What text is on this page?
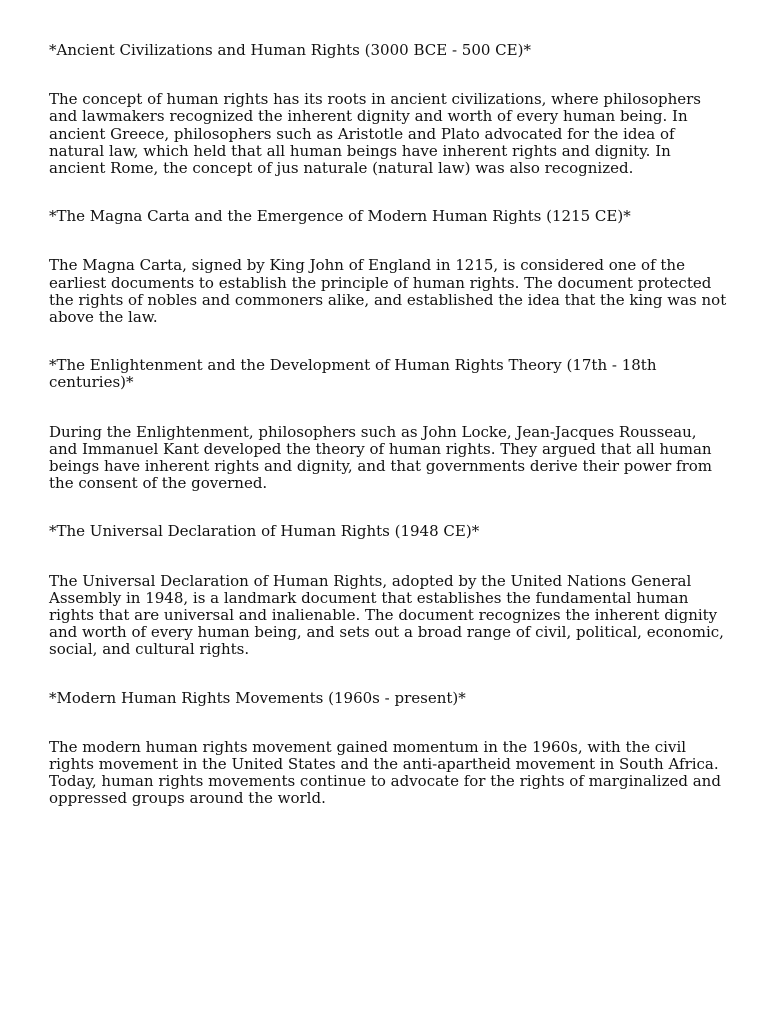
*Ancient Civilizations and Human Rights (3000 BCE - 500 CE)*

The concept of human rights has its roots in ancient civilizations, where philosophers and lawmakers recognized the inherent dignity and worth of every human being. In ancient Greece, philosophers such as Aristotle and Plato advocated for the idea of natural law, which held that all human beings have inherent rights and dignity. In ancient Rome, the concept of jus naturale (natural law) was also recognized.

*The Magna Carta and the Emergence of Modern Human Rights (1215 CE)*

The Magna Carta, signed by King John of England in 1215, is considered one of the earliest documents to establish the principle of human rights. The document protected the rights of nobles and commoners alike, and established the idea that the king was not above the law.

*The Enlightenment and the Development of Human Rights Theory (17th - 18th centuries)*

During the Enlightenment, philosophers such as John Locke, Jean-Jacques Rousseau, and Immanuel Kant developed the theory of human rights. They argued that all human beings have inherent rights and dignity, and that governments derive their power from the consent of the governed.

*The Universal Declaration of Human Rights (1948 CE)*

The Universal Declaration of Human Rights, adopted by the United Nations General Assembly in 1948, is a landmark document that establishes the fundamental human rights that are universal and inalienable. The document recognizes the inherent dignity and worth of every human being, and sets out a broad range of civil, political, economic, social, and cultural rights.

*Modern Human Rights Movements (1960s - present)*

The modern human rights movement gained momentum in the 1960s, with the civil rights movement in the United States and the anti-apartheid movement in South Africa. Today, human rights movements continue to advocate for the rights of marginalized and oppressed groups around the world.
